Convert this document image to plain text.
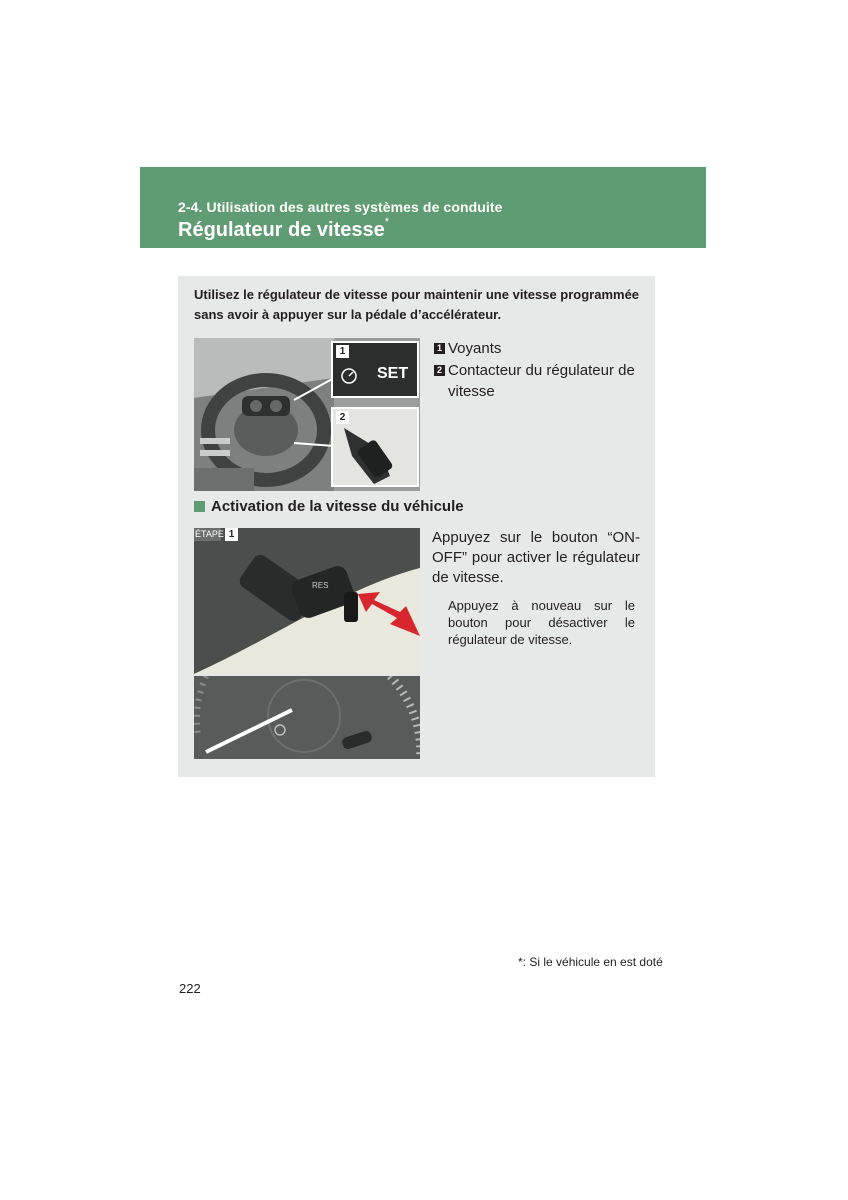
2-4. Utilisation des autres systèmes de conduite
Régulateur de vitesse*
Utilisez le régulateur de vitesse pour maintenir une vitesse programmée sans avoir à appuyer sur la pédale d’accélérateur.
1
SET
2
1 Voyants
2 Contacteur du régulateur de vitesse
Activation de la vitesse du véhicule
RES
ÉTAPE 1	Appuyez sur le bouton “ON-OFF” pour activer le régulateur de vitesse.
Appuyez à nouveau sur le bouton pour désactiver le régulateur de vitesse.
*: Si le véhicule en est doté
222
